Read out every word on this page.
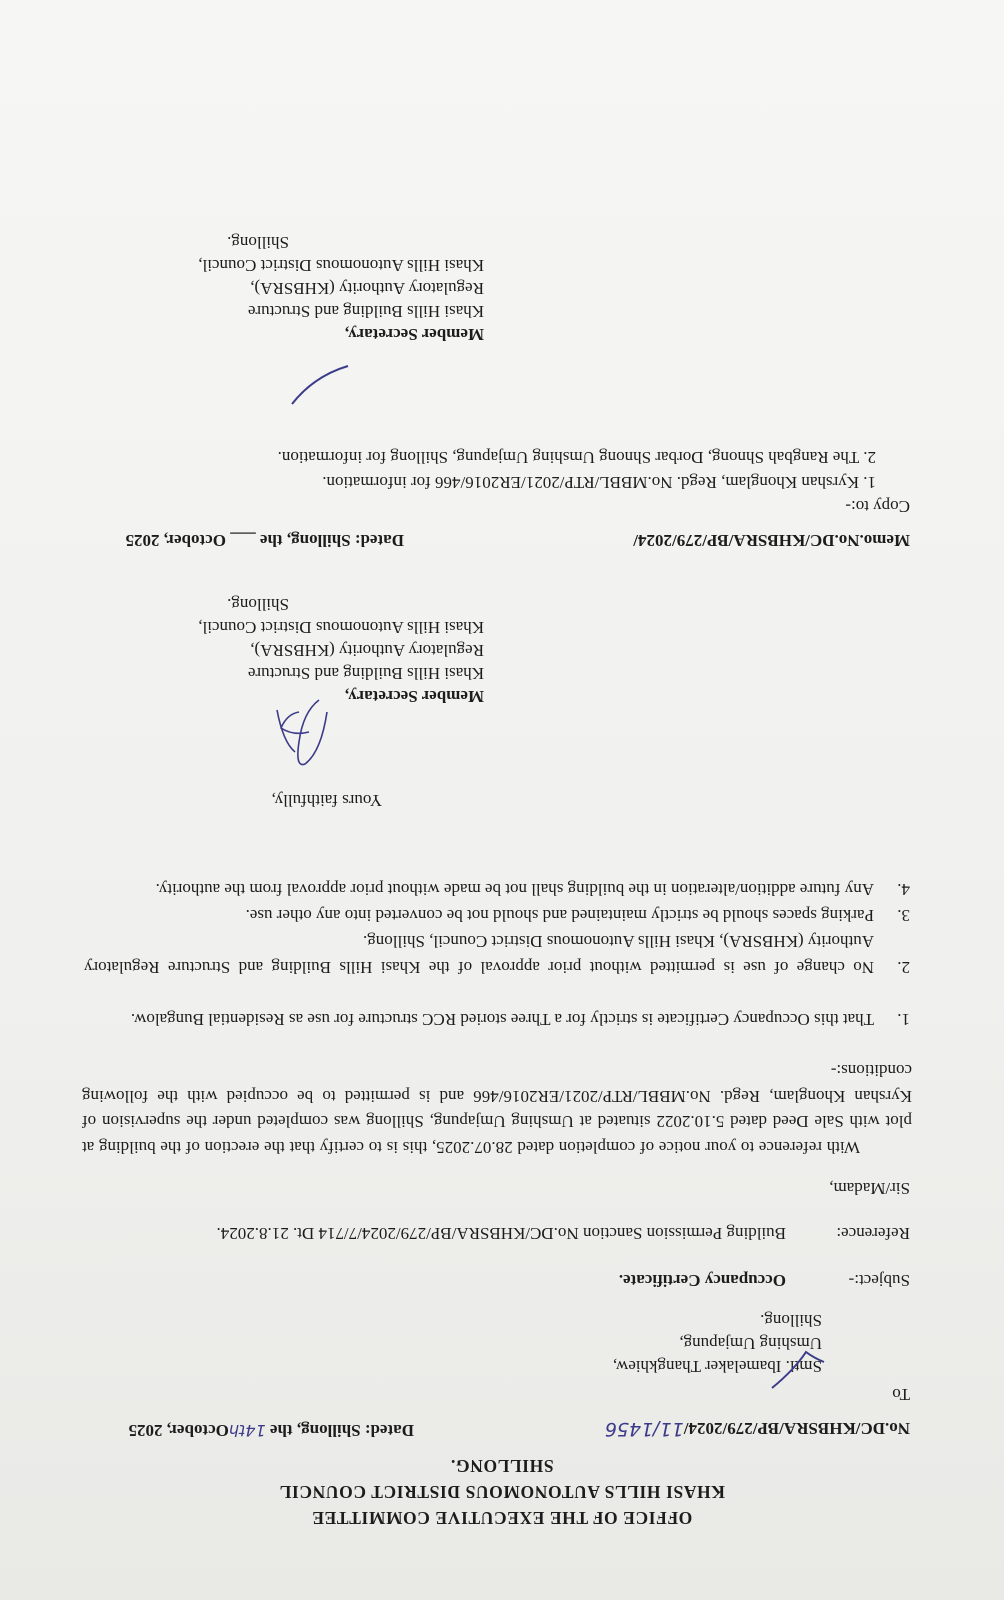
OFFICE OF THE EXECUTIVE COMMITTEE
KHASI HILLS AUTONOMOUS DISTRICT COUNCIL
SHILLONG.
No.DC/KHBSRA/BP/279/2024/11/1456
Dated: Shillong, the 14thOctober, 2025
To
Smti. Ibamelaker Thangkhiew,
Umshing Umjapung,
Shillong.
Subject:-
Occupancy Certificate.
Reference:
Building Permission Sanction No.DC/KHBSRA/BP/279/2024/7/714 Dt. 21.8.2024.
Sir/Madam,
With reference to your notice of completion dated 28.07.2025, this is to certify that the erection of the building at plot with Sale Deed dated 5.10.2022 situated at Umshing Umjapung, Shillong was completed under the supervision of Kyrshan Khonglam, Regd. No.MBBL/RTP/2021/ER2016/466 and is permitted to be occupied with the following conditions:-
1.
That this Occupancy Certificate is strictly for a Three storied RCC structure for use as Residential Bungalow.
2.
No change of use is permitted without prior approval of the Khasi Hills Building and Structure Regulatory Authority (KHBSRA), Khasi Hills Autonomous District Council, Shillong.
3.
Parking spaces should be strictly maintained and should not be converted into any other use.
4.
Any future addition/alteration in the building shall not be made without prior approval from the authority.
Yours faithfully,
Member Secretary,
Khasi Hills Building and Structure
Regulatory Authority (KHBSRA),
Khasi Hills Autonomous District Council,
Shillong.
Memo.No.DC/KHBSRA/BP/279/2024/
Dated: Shillong, the ___ October, 2025
Copy to:-
1. Kyrshan Khonglam, Regd. No.MBBL/RTP/2021/ER2016/466 for information.
2. The Rangbah Shnong, Dorbar Shnong Umshing Umjapung, Shillong for information.
Member Secretary,
Khasi Hills Building and Structure
Regulatory Authority (KHBSRA),
Khasi Hills Autonomous District Council,
Shillong.
